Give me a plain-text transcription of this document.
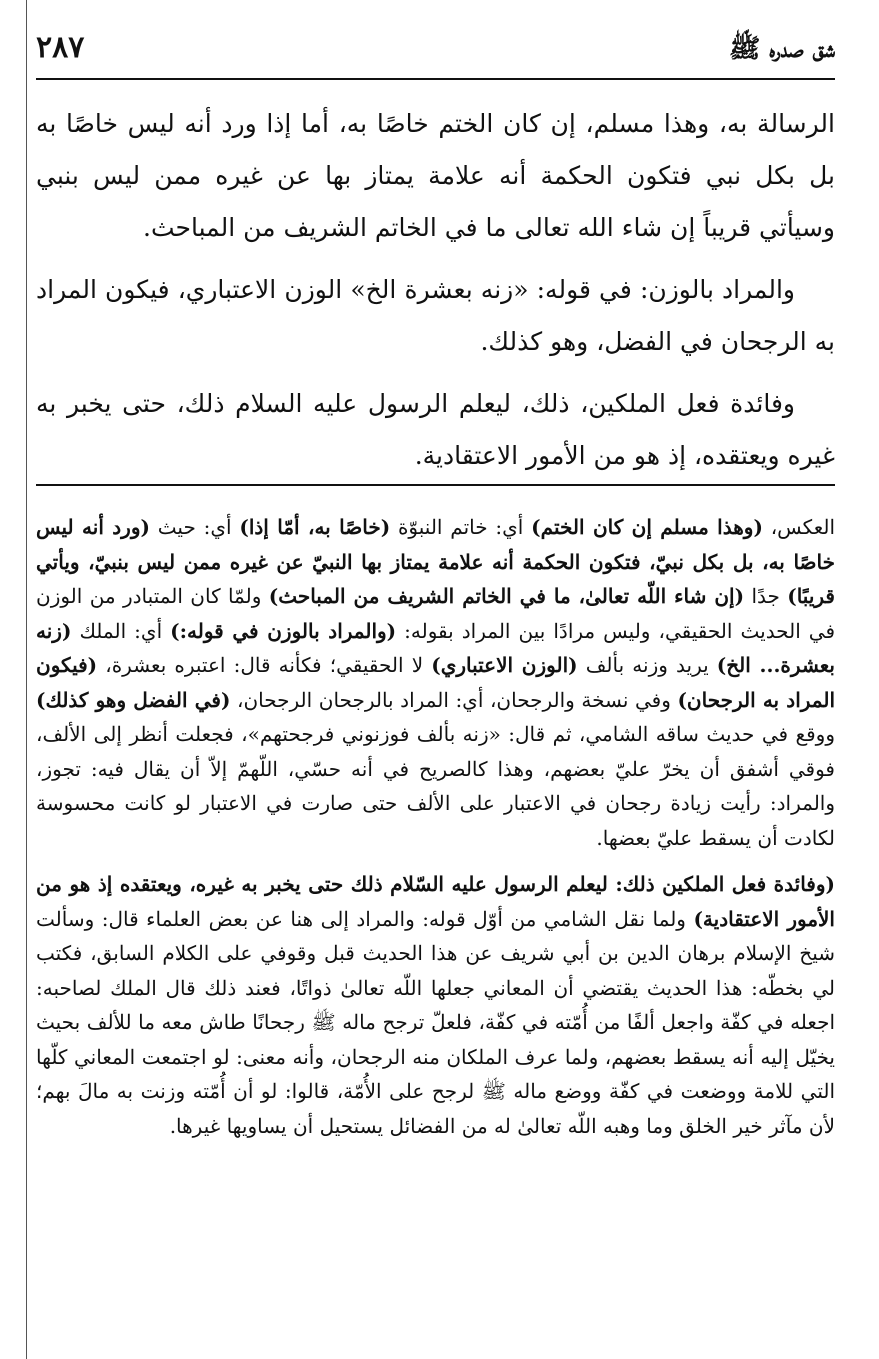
شق صدره ﷺ
٢٨٧

الرسالة به، وهذا مسلم، إن كان الختم خاصًا به، أما إذا ورد أنه ليس خاصًا به بل بكل نبي فتكون الحكمة أنه علامة يمتاز بها عن غيره ممن ليس بنبي وسيأتي قريباً إن شاء الله تعالى ما في الخاتم الشريف من المباحث.

والمراد بالوزن: في قوله: «زنه بعشرة الخ» الوزن الاعتباري، فيكون المراد به الرجحان في الفضل، وهو كذلك.

وفائدة فعل الملكين، ذلك، ليعلم الرسول عليه السلام ذلك، حتى يخبر به غيره ويعتقده، إذ هو من الأمور الاعتقادية.

العكس، (وهذا مسلم إن كان الختم) أي: خاتم النبوّة (خاصًا به، أمّا إذا) أي: حيث (ورد أنه ليس خاصًا به، بل بكل نبيّ، فتكون الحكمة أنه علامة يمتاز بها النبيّ عن غيره ممن ليس بنبيّ، ويأتي قريبًا) جدًا (إن شاء اللّه تعالىٰ، ما في الخاتم الشريف من المباحث) ولمّا كان المتبادر من الوزن في الحديث الحقيقي، وليس مرادًا بين المراد بقوله: (والمراد بالوزن في قوله:) أي: الملك (زنه بعشرة... الخ) يريد وزنه بألف (الوزن الاعتباري) لا الحقيقي؛ فكأنه قال: اعتبره بعشرة، (فيكون المراد به الرجحان) وفي نسخة والرجحان، أي: المراد بالرجحان الرجحان، (في الفضل وهو كذلك) ووقع في حديث ساقه الشامي، ثم قال: «زنه بألف فوزنوني فرجحتهم»، فجعلت أنظر إلى الألف، فوقي أشفق أن يخرّ عليّ بعضهم، وهذا كالصريح في أنه حسّي، اللّهمّ إلاّ أن يقال فيه: تجوز، والمراد: رأيت زيادة رجحان في الاعتبار على الألف حتى صارت في الاعتبار لو كانت محسوسة لكادت أن يسقط عليّ بعضها.

(وفائدة فعل الملكين ذلك: ليعلم الرسول عليه السّلام ذلك حتى يخبر به غيره، ويعتقده إذ هو من الأمور الاعتقادية) ولما نقل الشامي من أوّل قوله: والمراد إلى هنا عن بعض العلماء قال: وسألت شيخ الإسلام برهان الدين بن أبي شريف عن هذا الحديث قبل وقوفي على الكلام السابق، فكتب لي بخطّه: هذا الحديث يقتضي أن المعاني جعلها اللّه تعالىٰ ذواتًا، فعند ذلك قال الملك لصاحبه: اجعله في كفّة واجعل ألفًا من أُمّته في كفّة، فلعلّ ترجح ماله ﷺ رجحانًا طاش معه ما للألف بحيث يخيّل إليه أنه يسقط بعضهم، ولما عرف الملكان منه الرجحان، وأنه معنى: لو اجتمعت المعاني كلّها التي للامة ووضعت في كفّة ووضع ماله ﷺ لرجح على الأُمّة، قالوا: لو أن أُمّته وزنت به مالَ بهم؛ لأن مآثر خير الخلق وما وهبه اللّه تعالىٰ له من الفضائل يستحيل أن يساويها غيرها.
